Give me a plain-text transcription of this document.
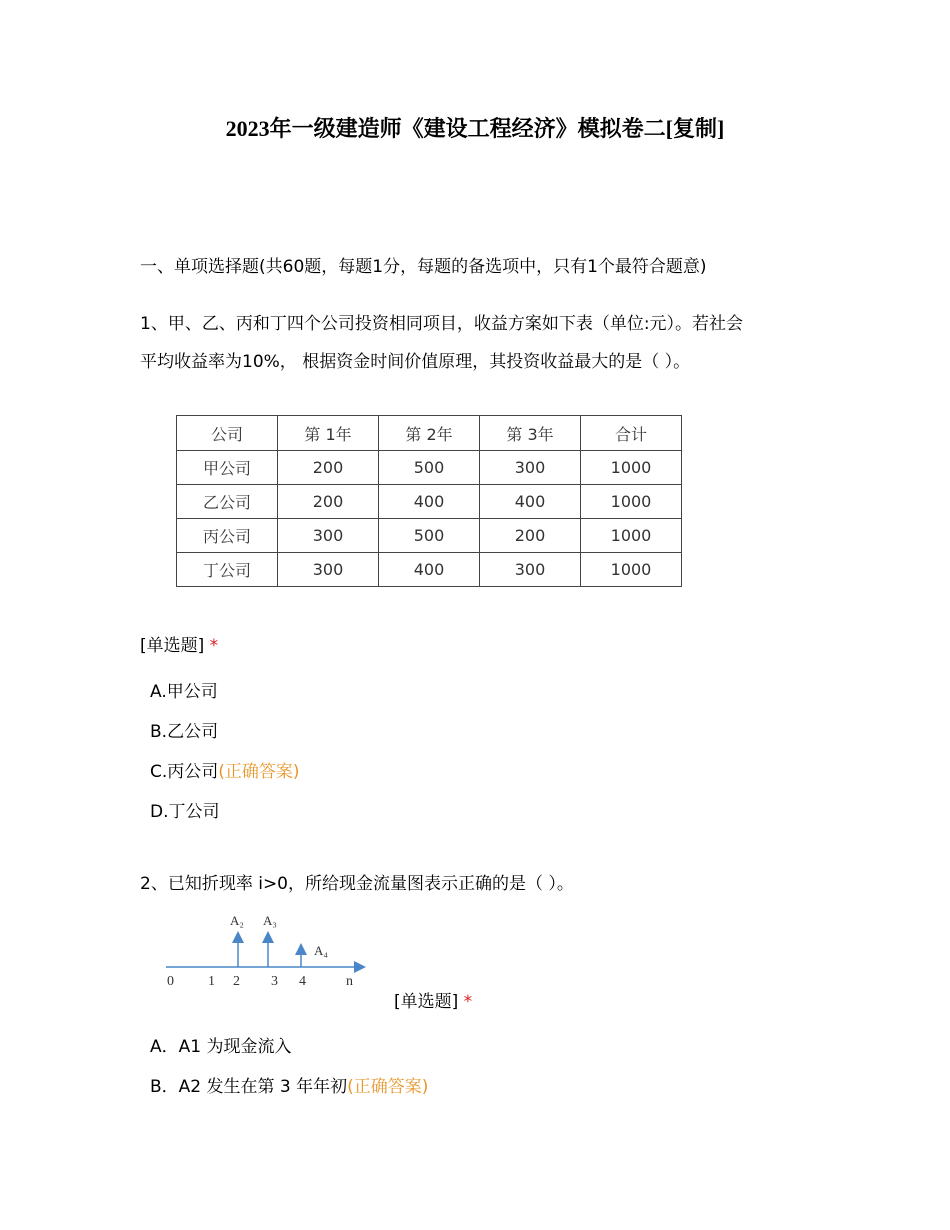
2023年一级建造师《建设工程经济》模拟卷二[复制]
一、单项选择题(共60题，每题1分，每题的备选项中，只有1个最符合题意)
1、甲、乙、丙和丁四个公司投资相同项目，收益方案如下表（单位:元）。若社会
平均收益率为10%， 根据资金时间价值原理，其投资收益最大的是（ ）。
公司	第 1年	第 2年	第 3年	合计
甲公司	200	500	300	1000
乙公司	200	400	400	1000
丙公司	300	500	200	1000
丁公司	300	400	300	1000
[单选题] *
A.甲公司
B.乙公司
C.丙公司(正确答案)
D.丁公司
2、已知折现率 i>0，所给现金流量图表示正确的是（ ）。
A₂ A₃
A₄
0 1 2 3 4	n
[单选题] *
A．A1 为现金流入
B．A2 发生在第 3 年年初(正确答案)
